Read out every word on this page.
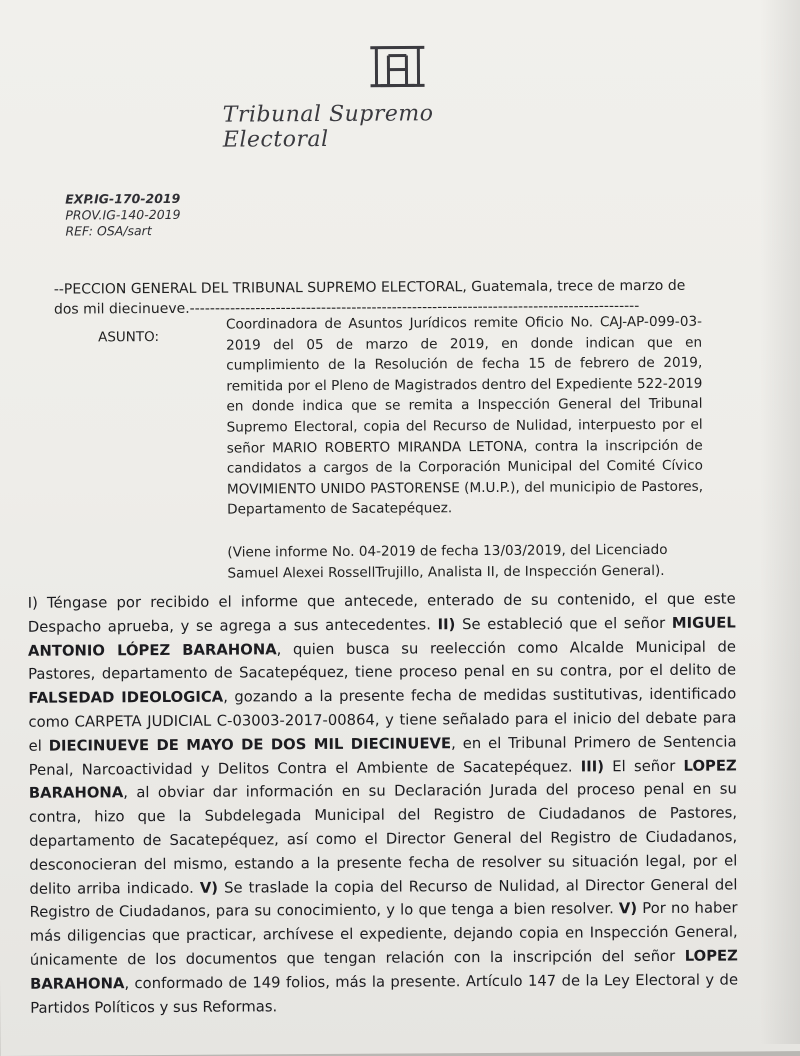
Tribunal Supremo Electoral
EXP.IG-170-2019
PROV.IG-140-2019
REF: OSA/sart
--PECCION GENERAL DEL TRIBUNAL SUPREMO ELECTORAL, Guatemala, trece de marzo de
dos mil diecinueve.-----------------------------------------------------------------------------------------
ASUNTO:
Coordinadora de Asuntos Jurídicos remite Oficio No. CAJ-AP-099-03-2019 del 05 de marzo de 2019, en donde indican que en cumplimiento de la Resolución de fecha 15 de febrero de 2019, remitida por el Pleno de Magistrados dentro del Expediente 522-2019 en donde indica que se remita a Inspección General del Tribunal Supremo Electoral, copia del Recurso de Nulidad, interpuesto por el señor MARIO ROBERTO MIRANDA LETONA, contra la inscripción de candidatos a cargos de la Corporación Municipal del Comité Cívico MOVIMIENTO UNIDO PASTORENSE (M.U.P.), del municipio de Pastores, Departamento de Sacatepéquez.
(Viene informe No. 04-2019 de fecha 13/03/2019, del Licenciado Samuel Alexei RossellTrujillo, Analista II, de Inspección General).
I) Téngase por recibido el informe que antecede, enterado de su contenido, el que este Despacho aprueba, y se agrega a sus antecedentes. II) Se estableció que el señor MIGUEL ANTONIO LÓPEZ BARAHONA, quien busca su reelección como Alcalde Municipal de Pastores, departamento de Sacatepéquez, tiene proceso penal en su contra, por el delito de FALSEDAD IDEOLOGICA, gozando a la presente fecha de medidas sustitutivas, identificado como CARPETA JUDICIAL C-03003-2017-00864, y tiene señalado para el inicio del debate para el DIECINUEVE DE MAYO DE DOS MIL DIECINUEVE, en el Tribunal Primero de Sentencia Penal, Narcoactividad y Delitos Contra el Ambiente de Sacatepéquez. III) El señor LOPEZ BARAHONA, al obviar dar información en su Declaración Jurada del proceso penal en su contra, hizo que la Subdelegada Municipal del Registro de Ciudadanos de Pastores, departamento de Sacatepéquez, así como el Director General del Registro de Ciudadanos, desconocieran del mismo, estando a la presente fecha de resolver su situación legal, por el delito arriba indicado. V) Se traslade la copia del Recurso de Nulidad, al Director General del Registro de Ciudadanos, para su conocimiento, y lo que tenga a bien resolver. V) Por no haber más diligencias que practicar, archívese el expediente, dejando copia en Inspección General, únicamente de los documentos que tengan relación con la inscripción del señor LOPEZ BARAHONA, conformado de 149 folios, más la presente. Artículo 147 de la Ley Electoral y de Partidos Políticos y sus Reformas.
